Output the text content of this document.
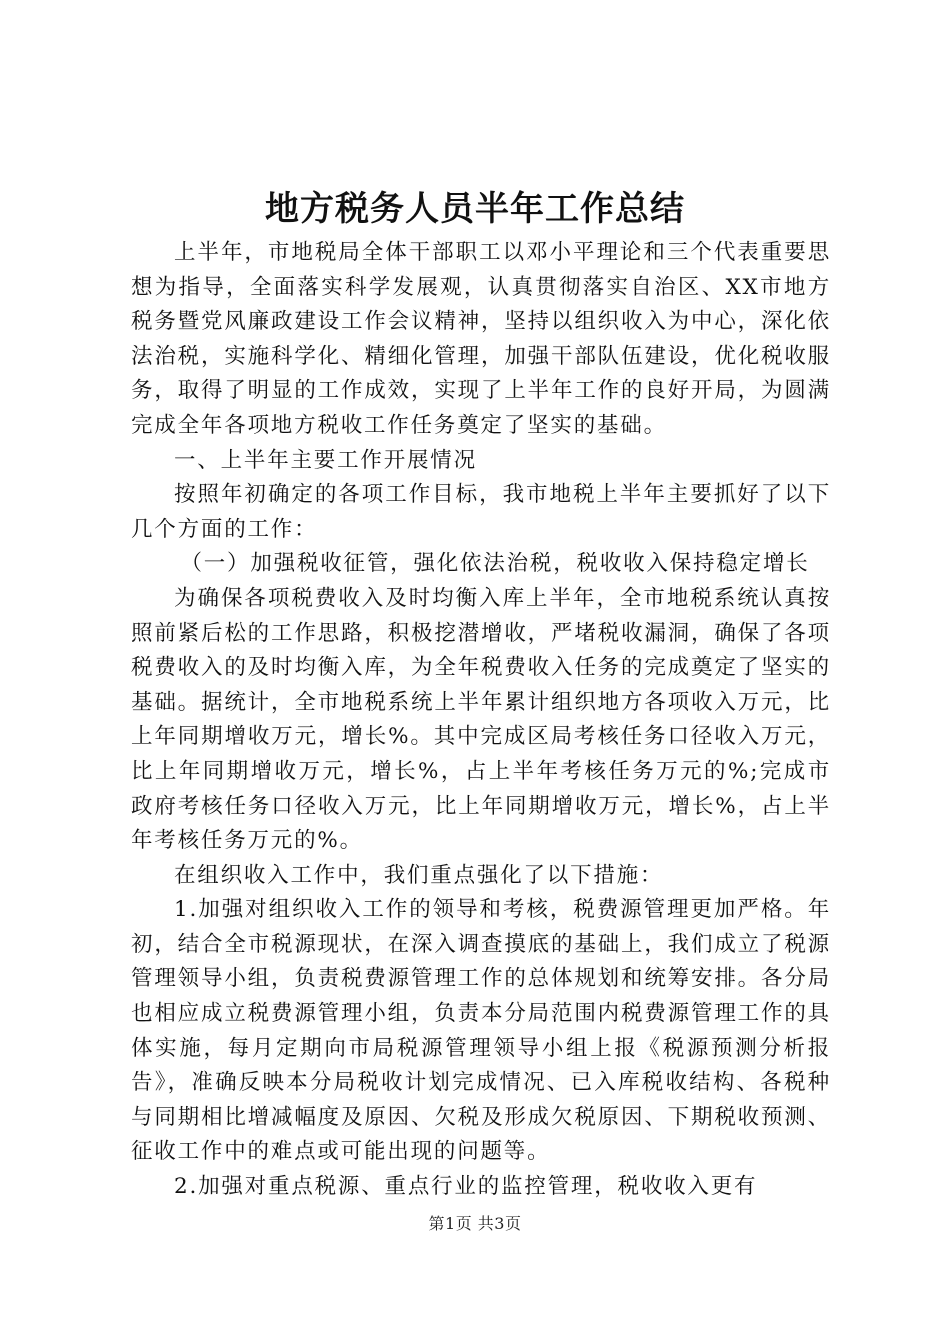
地方税务人员半年工作总结

上半年，市地税局全体干部职工以邓小平理论和三个代表重要思想为指导，全面落实科学发展观，认真贯彻落实自治区、XX市地方税务暨党风廉政建设工作会议精神，坚持以组织收入为中心，深化依法治税，实施科学化、精细化管理，加强干部队伍建设，优化税收服务，取得了明显的工作成效，实现了上半年工作的良好开局，为圆满完成全年各项地方税收工作任务奠定了坚实的基础。

一、上半年主要工作开展情况

按照年初确定的各项工作目标，我市地税上半年主要抓好了以下几个方面的工作：

（一）加强税收征管，强化依法治税，税收收入保持稳定增长

为确保各项税费收入及时均衡入库上半年，全市地税系统认真按照前紧后松的工作思路，积极挖潜增收，严堵税收漏洞，确保了各项税费收入的及时均衡入库，为全年税费收入任务的完成奠定了坚实的基础。据统计，全市地税系统上半年累计组织地方各项收入万元，比上年同期增收万元，增长%。其中完成区局考核任务口径收入万元，比上年同期增收万元，增长%，占上半年考核任务万元的%;完成市政府考核任务口径收入万元，比上年同期增收万元，增长%，占上半年考核任务万元的%。

在组织收入工作中，我们重点强化了以下措施：

1.加强对组织收入工作的领导和考核，税费源管理更加严格。年初，结合全市税源现状，在深入调查摸底的基础上，我们成立了税源管理领导小组，负责税费源管理工作的总体规划和统筹安排。各分局也相应成立税费源管理小组，负责本分局范围内税费源管理工作的具体实施，每月定期向市局税源管理领导小组上报《税源预测分析报告》，准确反映本分局税收计划完成情况、已入库税收结构、各税种与同期相比增减幅度及原因、欠税及形成欠税原因、下期税收预测、征收工作中的难点或可能出现的问题等。

2.加强对重点税源、重点行业的监控管理，税收收入更有

第1页 共3页
